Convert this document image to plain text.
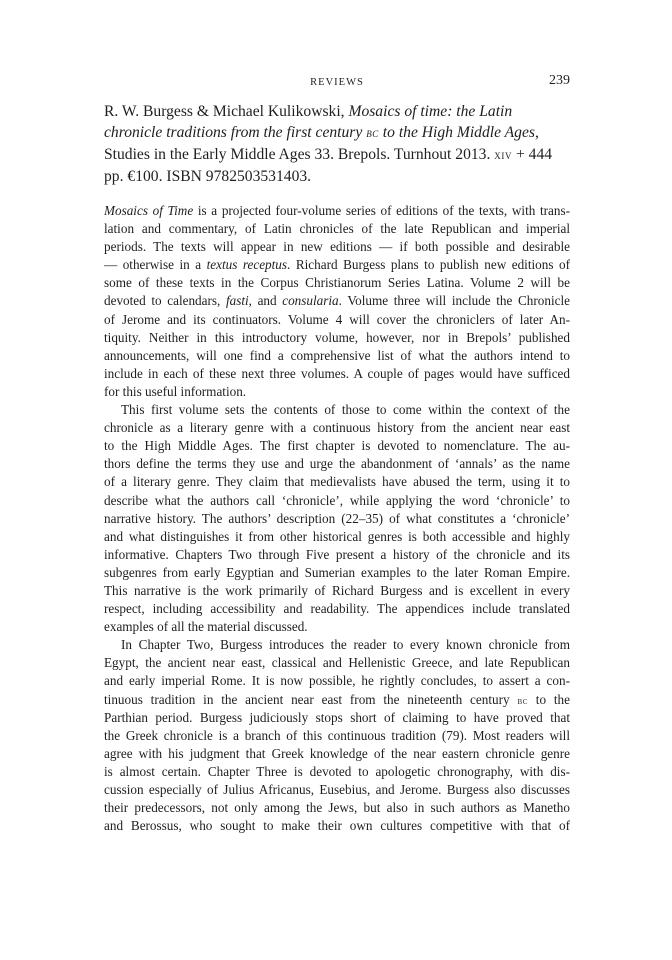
REVIEWS	239
R. W. Burgess & Michael Kulikowski, Mosaics of time: the Latin chronicle traditions from the first century bc to the High Middle Ages, Studies in the Early Middle Ages 33. Brepols. Turnhout 2013. xiv + 444 pp. €100. ISBN 9782503531403.
Mosaics of Time is a projected four-volume series of editions of the texts, with trans-
lation and commentary, of Latin chronicles of the late Republican and imperial
periods. The texts will appear in new editions — if both possible and desirable
— otherwise in a textus receptus. Richard Burgess plans to publish new editions of
some of these texts in the Corpus Christianorum Series Latina. Volume 2 will be
devoted to calendars, fasti, and consularia. Volume three will include the Chronicle
of Jerome and its continuators. Volume 4 will cover the chroniclers of later An-
tiquity. Neither in this introductory volume, however, nor in Brepols’ published
announcements, will one find a comprehensive list of what the authors intend to
include in each of these next three volumes. A couple of pages would have sufficed
for this useful information.
This first volume sets the contents of those to come within the context of the
chronicle as a literary genre with a continuous history from the ancient near east
to the High Middle Ages. The first chapter is devoted to nomenclature. The au-
thors define the terms they use and urge the abandonment of ‘annals’ as the name
of a literary genre. They claim that medievalists have abused the term, using it to
describe what the authors call ‘chronicle’, while applying the word ‘chronicle’ to
narrative history. The authors’ description (22–35) of what constitutes a ‘chronicle’
and what distinguishes it from other historical genres is both accessible and highly
informative. Chapters Two through Five present a history of the chronicle and its
subgenres from early Egyptian and Sumerian examples to the later Roman Empire.
This narrative is the work primarily of Richard Burgess and is excellent in every
respect, including accessibility and readability. The appendices include translated
examples of all the material discussed.
In Chapter Two, Burgess introduces the reader to every known chronicle from
Egypt, the ancient near east, classical and Hellenistic Greece, and late Republican
and early imperial Rome. It is now possible, he rightly concludes, to assert a con-
tinuous tradition in the ancient near east from the nineteenth century bc to the
Parthian period. Burgess judiciously stops short of claiming to have proved that
the Greek chronicle is a branch of this continuous tradition (79). Most readers will
agree with his judgment that Greek knowledge of the near eastern chronicle genre
is almost certain. Chapter Three is devoted to apologetic chronography, with dis-
cussion especially of Julius Africanus, Eusebius, and Jerome. Burgess also discusses
their predecessors, not only among the Jews, but also in such authors as Manetho
and Berossus, who sought to make their own cultures competitive with that of
